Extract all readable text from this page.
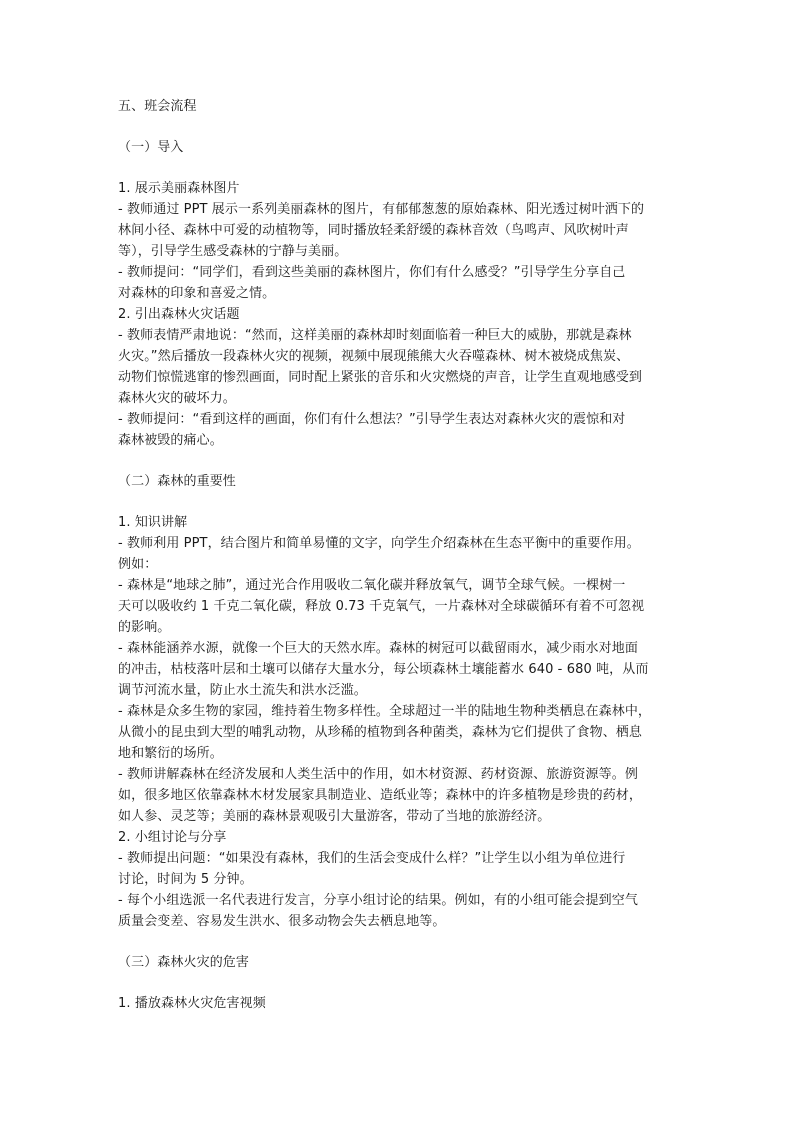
五、班会流程
（一）导入
1. 展示美丽森林图片
- 教师通过 PPT 展示一系列美丽森林的图片，有郁郁葱葱的原始森林、阳光透过树叶洒下的
林间小径、森林中可爱的动植物等，同时播放轻柔舒缓的森林音效（鸟鸣声、风吹树叶声
等），引导学生感受森林的宁静与美丽。
- 教师提问：“同学们，看到这些美丽的森林图片，你们有什么感受？”引导学生分享自己
对森林的印象和喜爱之情。
2. 引出森林火灾话题
- 教师表情严肃地说：“然而，这样美丽的森林却时刻面临着一种巨大的威胁，那就是森林
火灾。”然后播放一段森林火灾的视频，视频中展现熊熊大火吞噬森林、树木被烧成焦炭、
动物们惊慌逃窜的惨烈画面，同时配上紧张的音乐和火灾燃烧的声音，让学生直观地感受到
森林火灾的破坏力。
- 教师提问：“看到这样的画面，你们有什么想法？”引导学生表达对森林火灾的震惊和对
森林被毁的痛心。
（二）森林的重要性
1. 知识讲解
- 教师利用 PPT，结合图片和简单易懂的文字，向学生介绍森林在生态平衡中的重要作用。
例如：
- 森林是“地球之肺”，通过光合作用吸收二氧化碳并释放氧气，调节全球气候。一棵树一
天可以吸收约 1 千克二氧化碳，释放 0.73 千克氧气，一片森林对全球碳循环有着不可忽视
的影响。
- 森林能涵养水源，就像一个巨大的天然水库。森林的树冠可以截留雨水，减少雨水对地面
的冲击，枯枝落叶层和土壤可以储存大量水分，每公顷森林土壤能蓄水 640 - 680 吨，从而
调节河流水量，防止水土流失和洪水泛滥。
- 森林是众多生物的家园，维持着生物多样性。全球超过一半的陆地生物种类栖息在森林中，
从微小的昆虫到大型的哺乳动物，从珍稀的植物到各种菌类，森林为它们提供了食物、栖息
地和繁衍的场所。
- 教师讲解森林在经济发展和人类生活中的作用，如木材资源、药材资源、旅游资源等。例
如，很多地区依靠森林木材发展家具制造业、造纸业等；森林中的许多植物是珍贵的药材，
如人参、灵芝等；美丽的森林景观吸引大量游客，带动了当地的旅游经济。
2. 小组讨论与分享
- 教师提出问题：“如果没有森林，我们的生活会变成什么样？”让学生以小组为单位进行
讨论，时间为 5 分钟。
- 每个小组选派一名代表进行发言，分享小组讨论的结果。例如，有的小组可能会提到空气
质量会变差、容易发生洪水、很多动物会失去栖息地等。
（三）森林火灾的危害
1. 播放森林火灾危害视频
